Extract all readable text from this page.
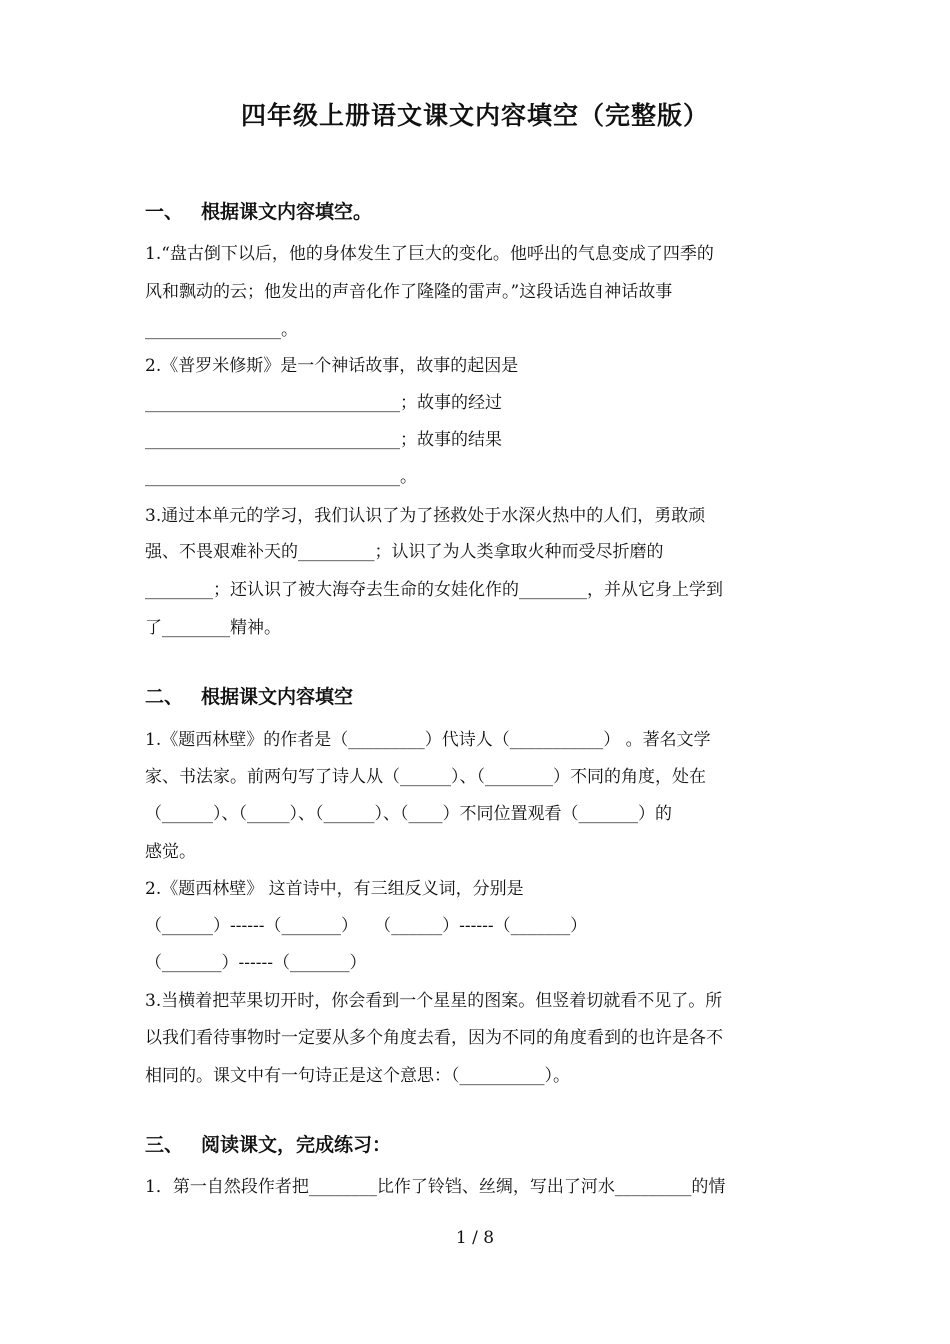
四年级上册语文课文内容填空（完整版）
一、 根据课文内容填空。
1.“盘古倒下以后，他的身体发生了巨大的变化。他呼出的气息变成了四季的
风和飘动的云；他发出的声音化作了隆隆的雷声。”这段话选自神话故事
________________。
2.《普罗米修斯》是一个神话故事，故事的起因是
______________________________；故事的经过
______________________________；故事的结果
______________________________。
3.通过本单元的学习，我们认识了为了拯救处于水深火热中的人们，勇敢顽
强、不畏艰难补天的_________；认识了为人类拿取火种而受尽折磨的
________；还认识了被大海夺去生命的女娃化作的________，并从它身上学到
了________精神。
二、 根据课文内容填空
1.《题西林壁》的作者是（_________）代诗人（___________） 。著名文学
家、书法家。前两句写了诗人从（______）、（________）不同的角度，处在
（______）、（_____）、（______）、（____）不同位置观看（_______）的
感觉。
2.《题西林壁》 这首诗中，有三组反义词，分别是
（______）------（_______）   （______）------（_______）
（_______）------（_______）
3.当横着把苹果切开时，你会看到一个星星的图案。但竖着切就看不见了。所
以我们看待事物时一定要从多个角度去看，因为不同的角度看到的也许是各不
相同的。课文中有一句诗正是这个意思：（__________）。
三、 阅读课文，完成练习：
1．第一自然段作者把________比作了铃铛、丝绸，写出了河水_________的情
1 / 8
